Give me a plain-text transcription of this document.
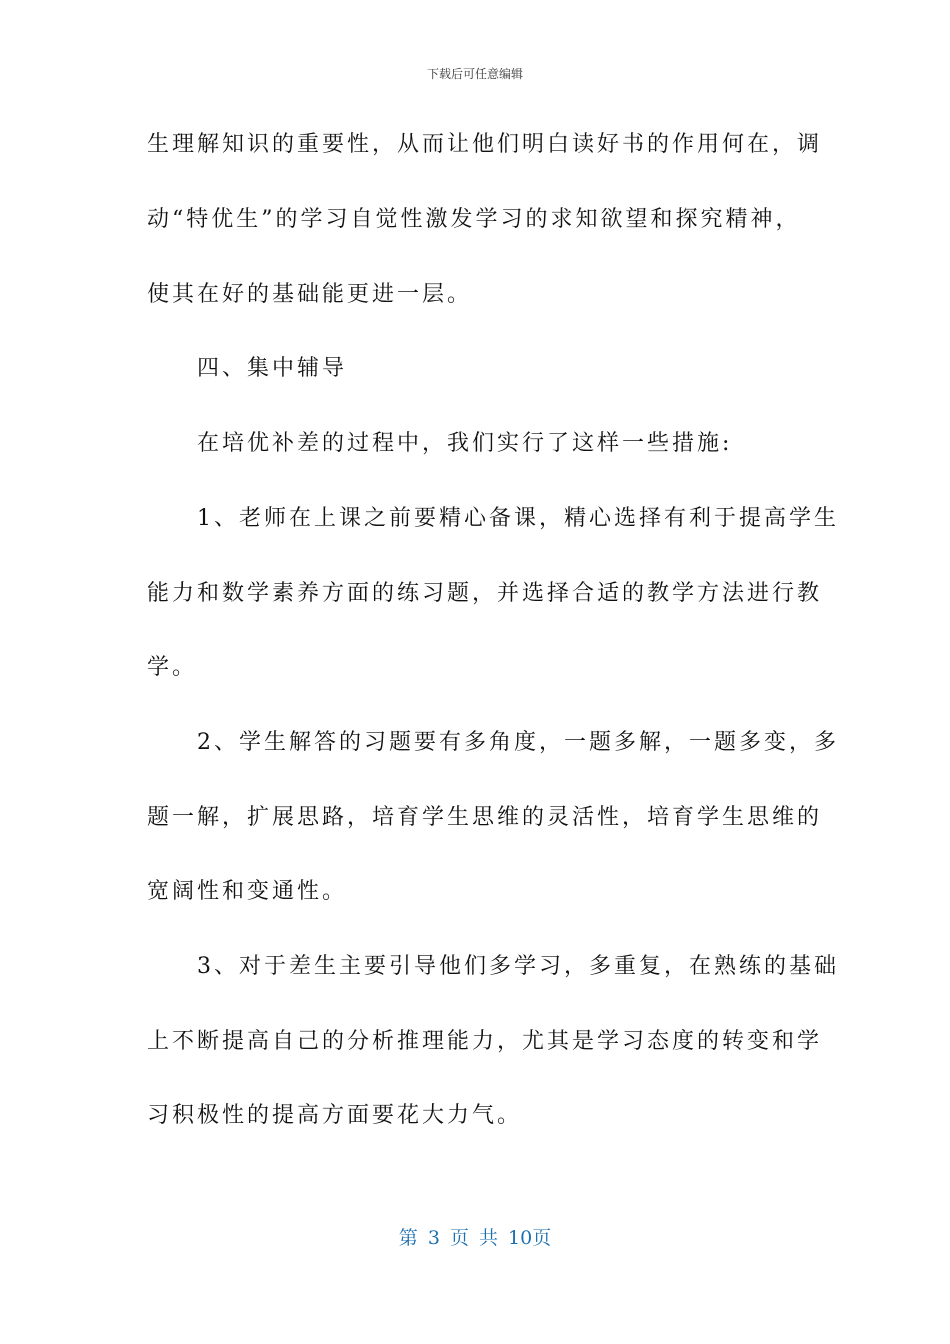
下载后可任意编辑
生理解知识的重要性，从而让他们明白读好书的作用何在，调
动“特优生”的学习自觉性激发学习的求知欲望和探究精神，
使其在好的基础能更进一层。
　　四、集中辅导
　　在培优补差的过程中，我们实行了这样一些措施:
　　1、老师在上课之前要精心备课，精心选择有利于提高学生
能力和数学素养方面的练习题，并选择合适的教学方法进行教
学。
　　2、学生解答的习题要有多角度，一题多解，一题多变，多
题一解，扩展思路，培育学生思维的灵活性，培育学生思维的
宽阔性和变通性。
　　3、对于差生主要引导他们多学习，多重复，在熟练的基础
上不断提高自己的分析推理能力，尤其是学习态度的转变和学
习积极性的提高方面要花大力气。
第 3 页 共 10页
